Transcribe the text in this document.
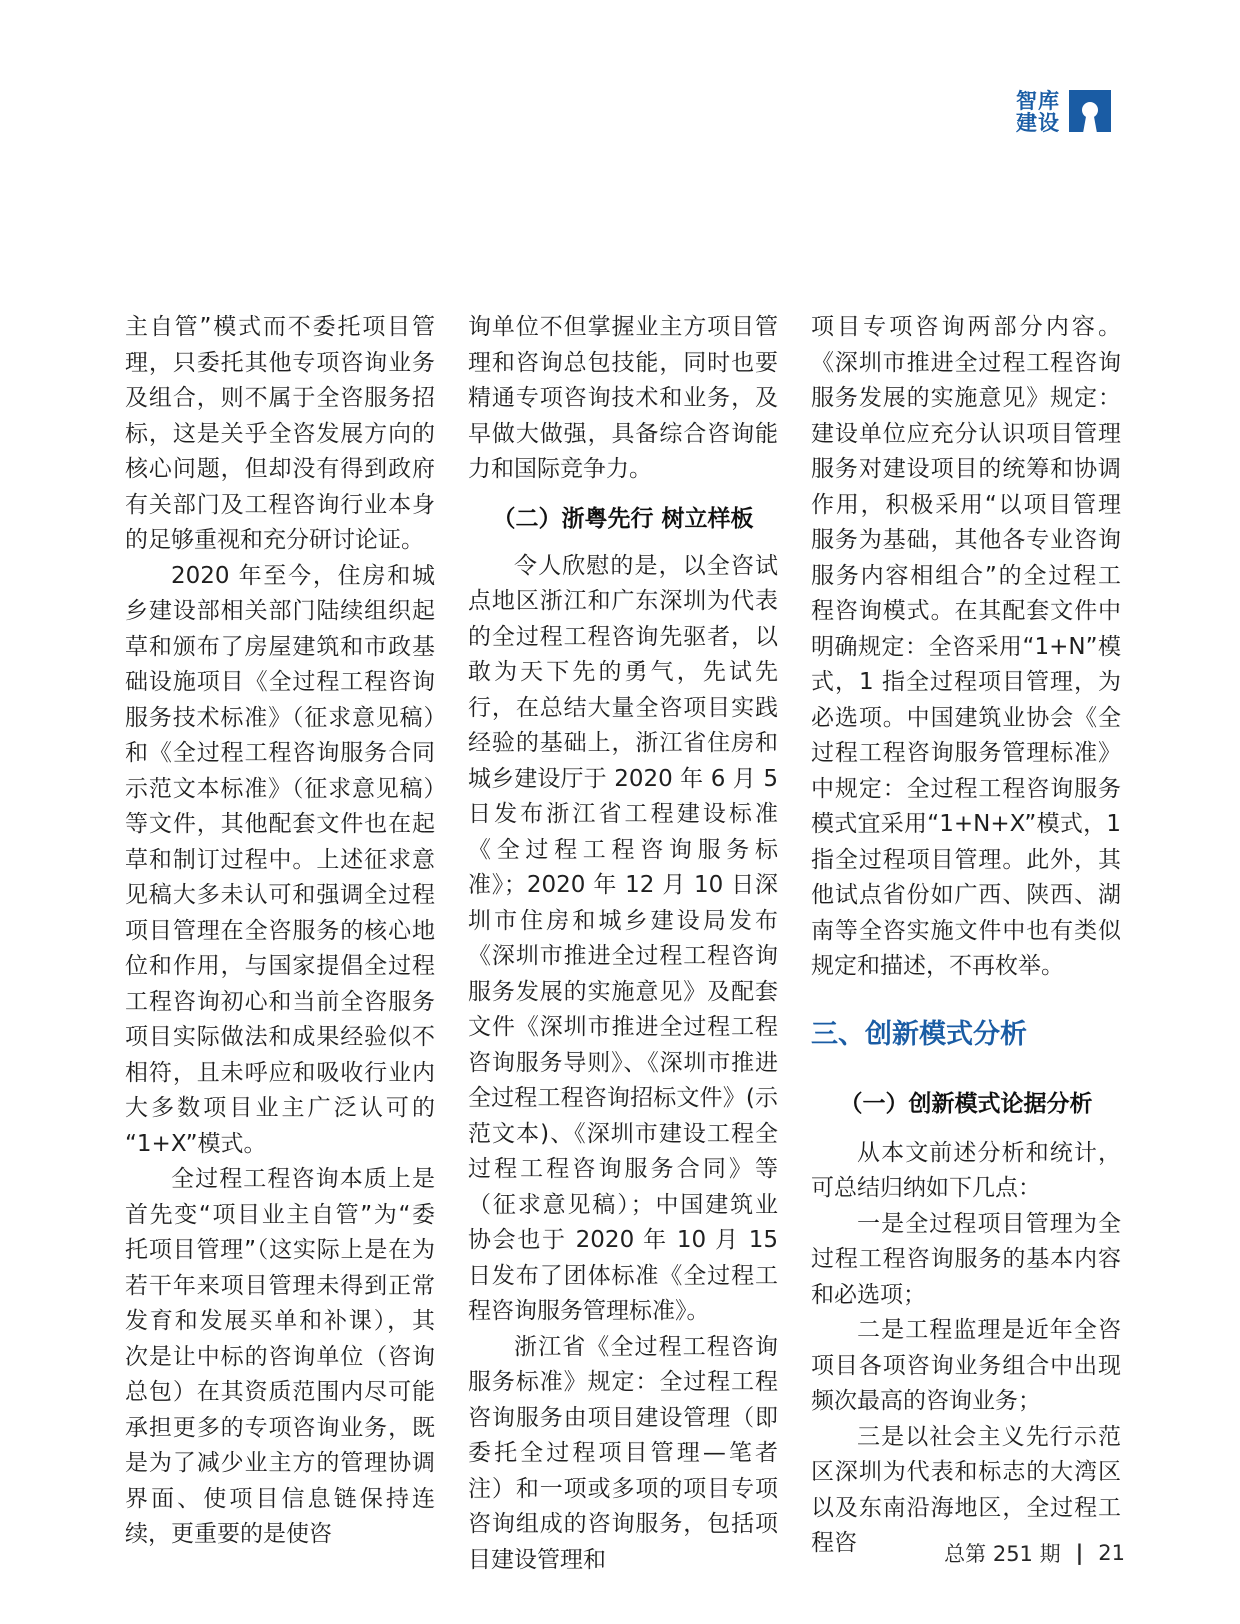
智库
建设

主自管”模式而不委托项目管理，只委托其他专项咨询业务及组合，则不属于全咨服务招标，这是关乎全咨发展方向的核心问题，但却没有得到政府有关部门及工程咨询行业本身的足够重视和充分研讨论证。

2020 年至今，住房和城乡建设部相关部门陆续组织起草和颁布了房屋建筑和市政基础设施项目《全过程工程咨询服务技术标准》（征求意见稿）和《全过程工程咨询服务合同示范文本标准》（征求意见稿）等文件，其他配套文件也在起草和制订过程中。上述征求意见稿大多未认可和强调全过程项目管理在全咨服务的核心地位和作用，与国家提倡全过程工程咨询初心和当前全咨服务项目实际做法和成果经验似不相符，且未呼应和吸收行业内大多数项目业主广泛认可的“1+X”模式。

全过程工程咨询本质上是首先变“项目业主自管”为“委托项目管理”（这实际上是在为若干年来项目管理未得到正常发育和发展买单和补课），其次是让中标的咨询单位（咨询总包）在其资质范围内尽可能承担更多的专项咨询业务，既是为了减少业主方的管理协调界面、使项目信息链保持连续，更重要的是使咨

询单位不但掌握业主方项目管理和咨询总包技能，同时也要精通专项咨询技术和业务，及早做大做强，具备综合咨询能力和国际竞争力。

（二）浙粤先行 树立样板

令人欣慰的是，以全咨试点地区浙江和广东深圳为代表的全过程工程咨询先驱者，以敢为天下先的勇气，先试先行，在总结大量全咨项目实践经验的基础上，浙江省住房和城乡建设厅于 2020 年 6 月 5 日发布浙江省工程建设标准《全过程工程咨询服务标准》；2020 年 12 月 10 日深圳市住房和城乡建设局发布《深圳市推进全过程工程咨询服务发展的实施意见》及配套文件《深圳市推进全过程工程咨询服务导则》、《深圳市推进全过程工程咨询招标文件》(示范文本)、《深圳市建设工程全过程工程咨询服务合同》等（征求意见稿）；中国建筑业协会也于 2020 年 10 月 15 日发布了团体标准《全过程工程咨询服务管理标准》。

浙江省《全过程工程咨询服务标准》规定：全过程工程咨询服务由项目建设管理（即委托全过程项目管理—笔者注）和一项或多项的项目专项咨询组成的咨询服务，包括项目建设管理和

项目专项咨询两部分内容。《深圳市推进全过程工程咨询服务发展的实施意见》规定：建设单位应充分认识项目管理服务对建设项目的统筹和协调作用，积极采用“以项目管理服务为基础，其他各专业咨询服务内容相组合”的全过程工程咨询模式。在其配套文件中明确规定：全咨采用“1+N”模式，1 指全过程项目管理，为必选项。中国建筑业协会《全过程工程咨询服务管理标准》中规定：全过程工程咨询服务模式宜采用“1+N+X”模式，1 指全过程项目管理。此外，其他试点省份如广西、陕西、湖南等全咨实施文件中也有类似规定和描述，不再枚举。

三、创新模式分析
（一）创新模式论据分析

从本文前述分析和统计，可总结归纳如下几点：

一是全过程项目管理为全过程工程咨询服务的基本内容和必选项；

二是工程监理是近年全咨项目各项咨询业务组合中出现频次最高的咨询业务；

三是以社会主义先行示范区深圳为代表和标志的大湾区以及东南沿海地区，全过程工程咨	总第 251 期 | 21
